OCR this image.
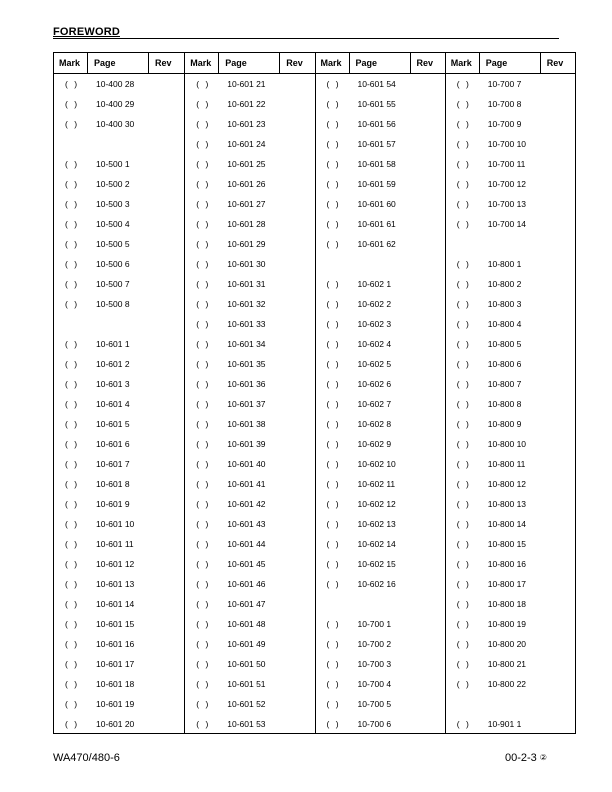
FOREWORD
Mark	Page	Rev
( )	10-400 28
( )	10-400 29
( )	10-400 30
( )	10-500 1
( )	10-500 2
( )	10-500 3
( )	10-500 4
( )	10-500 5
( )	10-500 6
( )	10-500 7
( )	10-500 8
( )	10-601 1
( )	10-601 2
( )	10-601 3
( )	10-601 4
( )	10-601 5
( )	10-601 6
( )	10-601 7
( )	10-601 8
( )	10-601 9
( )	10-601 10
( )	10-601 11
( )	10-601 12
( )	10-601 13
( )	10-601 14
( )	10-601 15
( )	10-601 16
( )	10-601 17
( )	10-601 18
( )	10-601 19
( )	10-601 20
Mark	Page	Rev
( )	10-601 21
( )	10-601 22
( )	10-601 23
( )	10-601 24
( )	10-601 25
( )	10-601 26
( )	10-601 27
( )	10-601 28
( )	10-601 29
( )	10-601 30
( )	10-601 31
( )	10-601 32
( )	10-601 33
( )	10-601 34
( )	10-601 35
( )	10-601 36
( )	10-601 37
( )	10-601 38
( )	10-601 39
( )	10-601 40
( )	10-601 41
( )	10-601 42
( )	10-601 43
( )	10-601 44
( )	10-601 45
( )	10-601 46
( )	10-601 47
( )	10-601 48
( )	10-601 49
( )	10-601 50
( )	10-601 51
( )	10-601 52
( )	10-601 53
Mark	Page	Rev
( )	10-601 54
( )	10-601 55
( )	10-601 56
( )	10-601 57
( )	10-601 58
( )	10-601 59
( )	10-601 60
( )	10-601 61
( )	10-601 62
( )	10-602 1
( )	10-602 2
( )	10-602 3
( )	10-602 4
( )	10-602 5
( )	10-602 6
( )	10-602 7
( )	10-602 8
( )	10-602 9
( )	10-602 10
( )	10-602 11
( )	10-602 12
( )	10-602 13
( )	10-602 14
( )	10-602 15
( )	10-602 16
( )	10-700 1
( )	10-700 2
( )	10-700 3
( )	10-700 4
( )	10-700 5
( )	10-700 6
Mark	Page	Rev
( )	10-700 7
( )	10-700 8
( )	10-700 9
( )	10-700 10
( )	10-700 11
( )	10-700 12
( )	10-700 13
( )	10-700 14
( )	10-800 1
( )	10-800 2
( )	10-800 3
( )	10-800 4
( )	10-800 5
( )	10-800 6
( )	10-800 7
( )	10-800 8
( )	10-800 9
( )	10-800 10
( )	10-800 11
( )	10-800 12
( )	10-800 13
( )	10-800 14
( )	10-800 15
( )	10-800 16
( )	10-800 17
( )	10-800 18
( )	10-800 19
( )	10-800 20
( )	10-800 21
( )	10-800 22
( )	10-901 1
WA470/480-6	00-2-3 ②
